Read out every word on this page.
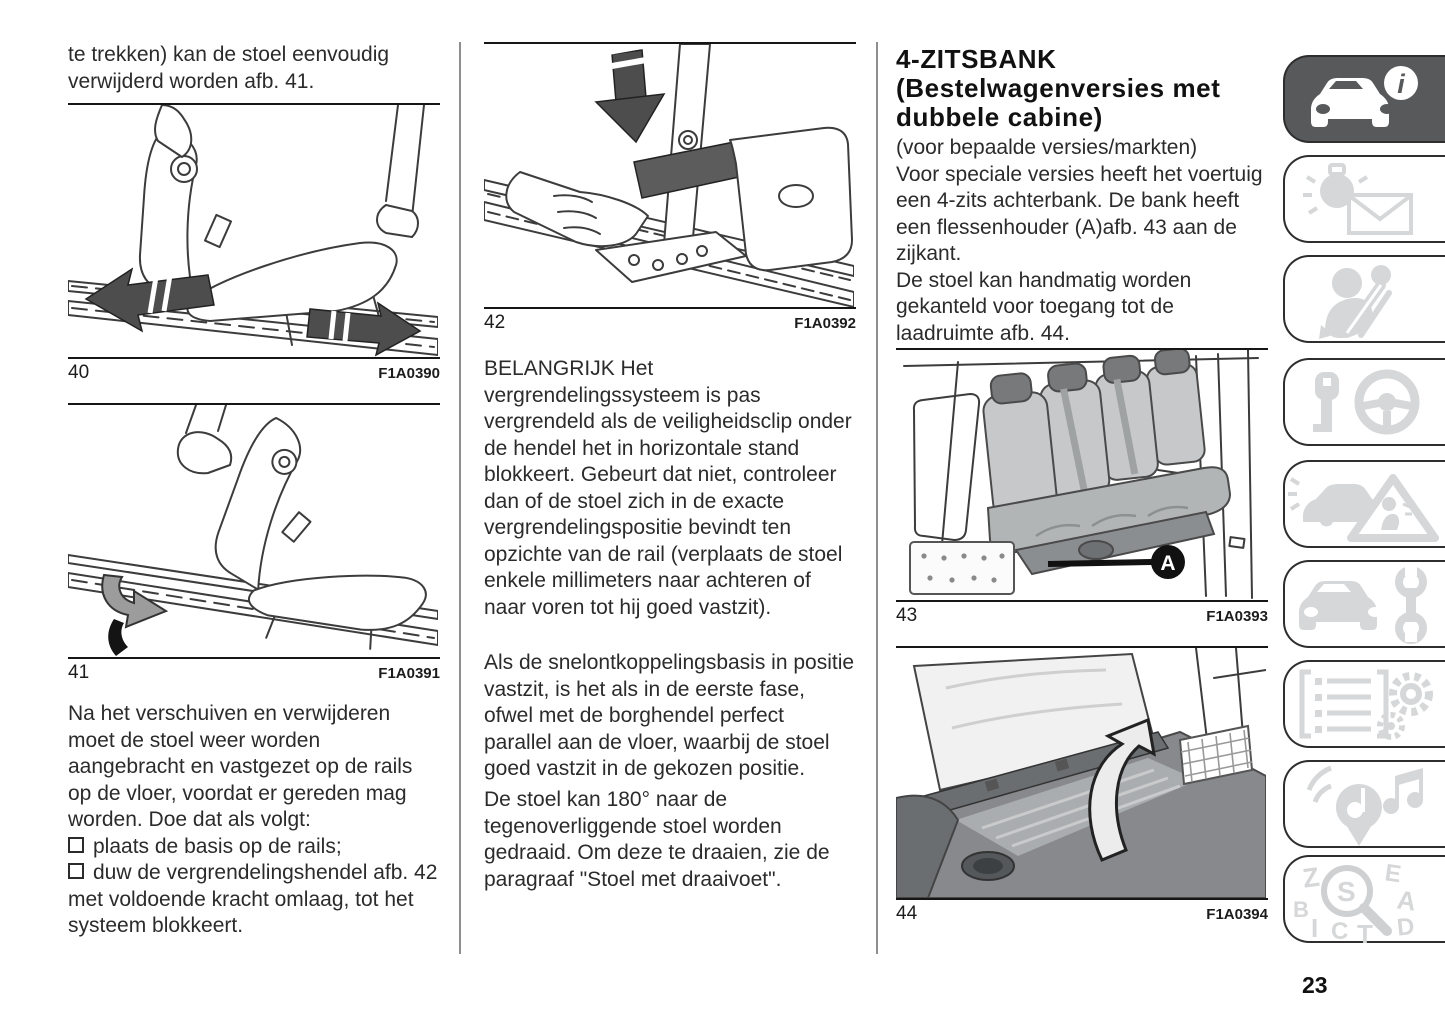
te trekken) kan de stoel eenvoudig verwijderd worden afb. 41.

40	F1A0390
41	F1A0391

Na het verschuiven en verwijderen moet de stoel weer worden aangebracht en vastgezet op de rails op de vloer, voordat er gereden mag worden. Doe dat als volgt:

plaats de basis op de rails;

duw de vergrendelingshendel afb. 42 met voldoende kracht omlaag, tot het systeem blokkeert.

42	F1A0392

BELANGRIJK Het vergrendelingssysteem is pas vergrendeld als de veiligheidsclip onder de hendel het in horizontale stand blokkeert. Gebeurt dat niet, controleer dan of de stoel zich in de exacte vergrendelingspositie bevindt ten opzichte van de rail (verplaats de stoel enkele millimeters naar achteren of naar voren tot hij goed vastzit).

Als de snelontkoppelingsbasis in positie vastzit, is het als in de eerste fase, ofwel met de borghendel perfect parallel aan de vloer, waarbij de stoel goed vastzit in de gekozen positie.

De stoel kan 180° naar de tegenoverliggende stoel worden gedraaid. Om deze te draaien, zie de paragraaf "Stoel met draaivoet".

4-ZITSBANK (Bestelwagenversies met dubbele cabine)

(voor bepaalde versies/markten)

Voor speciale versies heeft het voertuig een 4-zits achterbank. De bank heeft een flessenhouder (A)afb. 43 aan de zijkant.

De stoel kan handmatig worden gekanteld voor toegang tot de laadruimte afb. 44.

A
43	F1A0393
44	F1A0394
i
Z	E
B	A
I C T D
S
23
